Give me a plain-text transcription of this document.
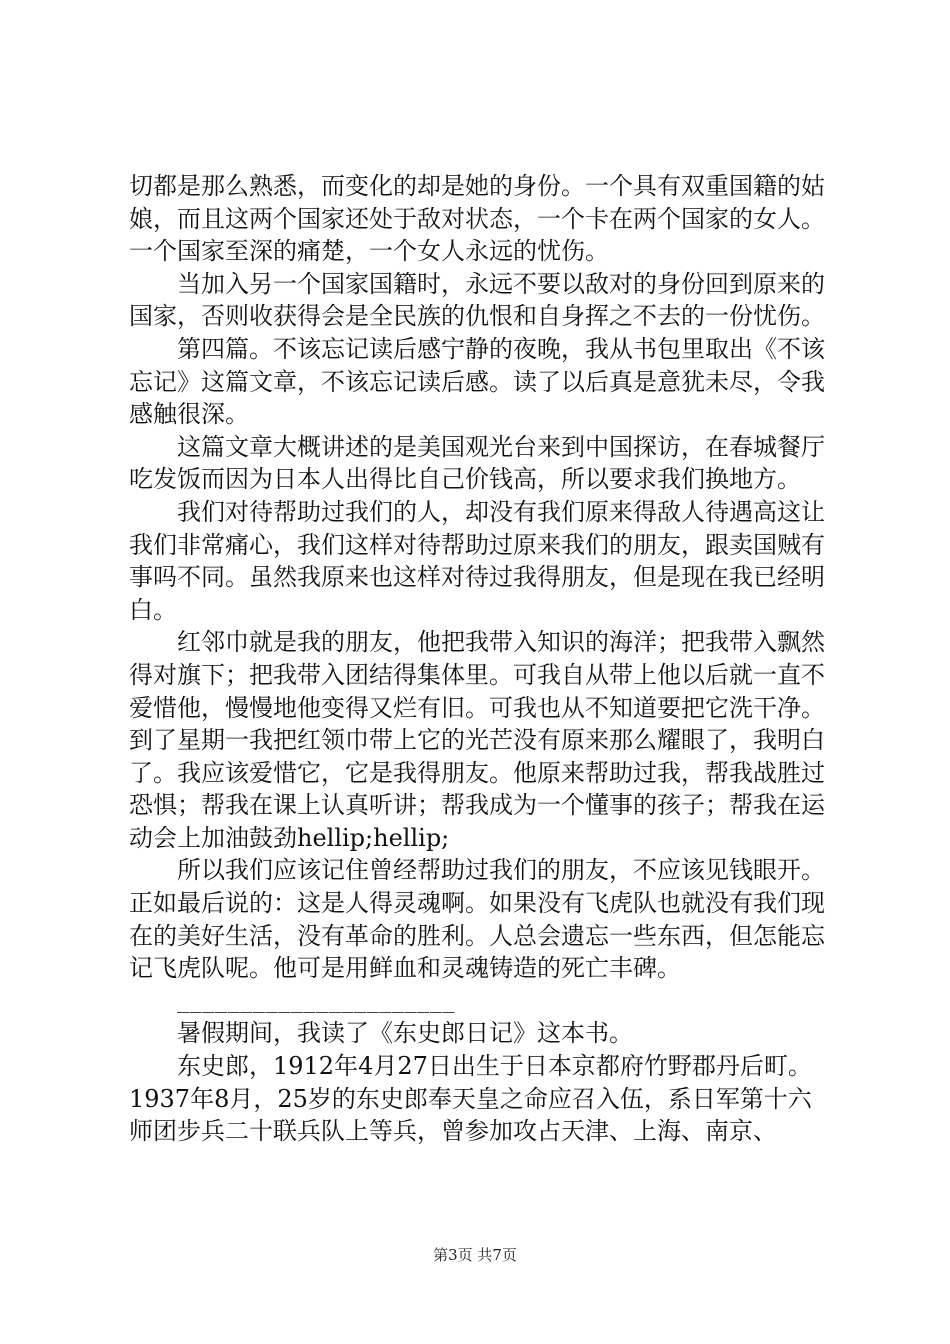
切都是那么熟悉，而变化的却是她的身份。一个具有双重国籍的姑娘，而且这两个国家还处于敌对状态，一个卡在两个国家的女人。一个国家至深的痛楚，一个女人永远的忧伤。

当加入另一个国家国籍时，永远不要以敌对的身份回到原来的国家，否则收获得会是全民族的仇恨和自身挥之不去的一份忧伤。

第四篇。不该忘记读后感宁静的夜晚，我从书包里取出《不该忘记》这篇文章，不该忘记读后感。读了以后真是意犹未尽，令我感触很深。

这篇文章大概讲述的是美国观光台来到中国探访，在春城餐厅吃发饭而因为日本人出得比自己价钱高，所以要求我们换地方。

我们对待帮助过我们的人，却没有我们原来得敌人待遇高这让我们非常痛心，我们这样对待帮助过原来我们的朋友，跟卖国贼有事吗不同。虽然我原来也这样对待过我得朋友，但是现在我已经明白。

红邻巾就是我的朋友，他把我带入知识的海洋；把我带入飘然得对旗下；把我带入团结得集体里。可我自从带上他以后就一直不爱惜他，慢慢地他变得又烂有旧。可我也从不知道要把它洗干净。到了星期一我把红领巾带上它的光芒没有原来那么耀眼了，我明白了。我应该爱惜它，它是我得朋友。他原来帮助过我，帮我战胜过恐惧；帮我在课上认真听讲；帮我成为一个懂事的孩子；帮我在运动会上加油鼓劲hellip;hellip;

所以我们应该记住曾经帮助过我们的朋友，不应该见钱眼开。正如最后说的：这是人得灵魂啊。如果没有飞虎队也就没有我们现在的美好生活，没有革命的胜利。人总会遗忘一些东西，但怎能忘记飞虎队呢。他可是用鲜血和灵魂铸造的死亡丰碑。

______________________

暑假期间，我读了《东史郎日记》这本书。

东史郎，1912年4月27日出生于日本京都府竹野郡丹后町。1937年8月，25岁的东史郎奉天皇之命应召入伍，系日军第十六师团步兵二十联兵队上等兵，曾参加攻占天津、上海、南京、

第3页 共7页
